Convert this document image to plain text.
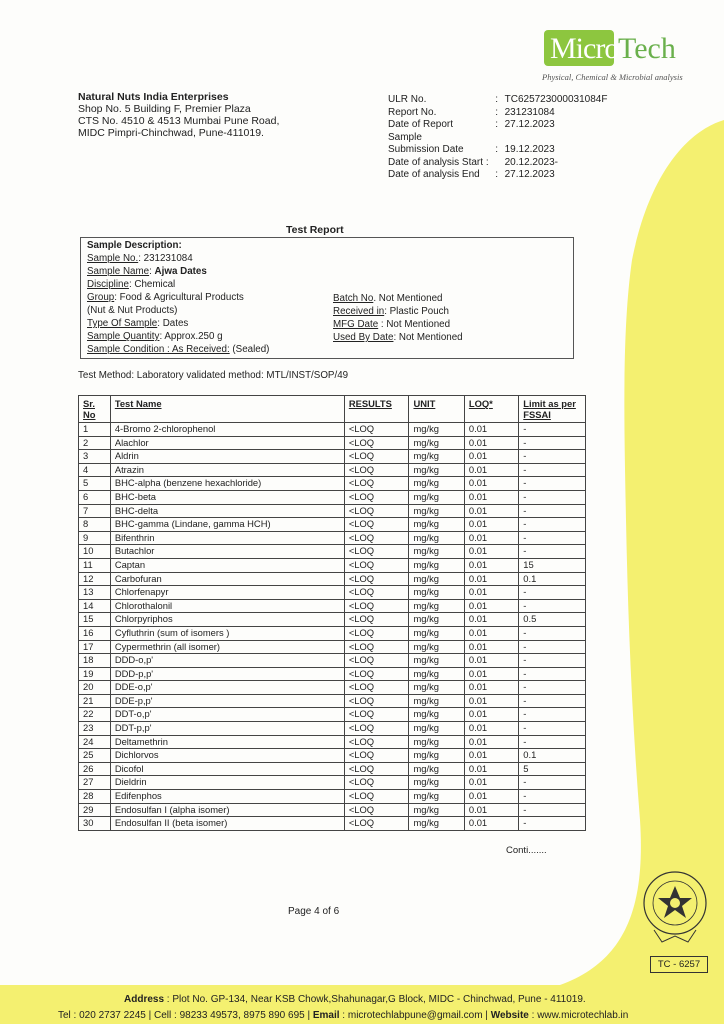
Micro Tech
Physical, Chemical & Microbial analysis
Natural Nuts India Enterprises
Shop No. 5 Building F, Premier Plaza
CTS No. 4510 & 4513 Mumbai Pune Road,
MIDC Pimpri-Chinchwad, Pune-411019.
ULR No.	:	TC625723000031084F
Report No.	:	231231084
Date of Report	:	27.12.2023
Sample		
Submission Date	:	19.12.2023
Date of analysis Start :		20.12.2023-
Date of analysis End	:	27.12.2023
Test Report
Sample Description:
Sample No.: 231231084
Sample Name: Ajwa Dates
Discipline: Chemical
Group: Food & Agricultural Products
(Nut & Nut Products)
Type Of Sample: Dates
Sample Quantity: Approx.250 g
Sample Condition : As Received: (Sealed)
Batch No. Not Mentioned
Received in: Plastic Pouch
MFG Date : Not Mentioned
Used By Date: Not Mentioned
Test Method: Laboratory validated method: MTL/INST/SOP/49
Sr. No	Test Name	RESULTS	UNIT	LOQ*	Limit as per FSSAI
1	4-Bromo 2-chlorophenol	<LOQ	mg/kg	0.01	-
2	Alachlor	<LOQ	mg/kg	0.01	-
3	Aldrin	<LOQ	mg/kg	0.01	-
4	Atrazin	<LOQ	mg/kg	0.01	-
5	BHC-alpha (benzene hexachloride)	<LOQ	mg/kg	0.01	-
6	BHC-beta	<LOQ	mg/kg	0.01	-
7	BHC-delta	<LOQ	mg/kg	0.01	-
8	BHC-gamma (Lindane, gamma HCH)	<LOQ	mg/kg	0.01	-
9	Bifenthrin	<LOQ	mg/kg	0.01	-
10	Butachlor	<LOQ	mg/kg	0.01	-
11	Captan	<LOQ	mg/kg	0.01	15
12	Carbofuran	<LOQ	mg/kg	0.01	0.1
13	Chlorfenapyr	<LOQ	mg/kg	0.01	-
14	Chlorothalonil	<LOQ	mg/kg	0.01	-
15	Chlorpyriphos	<LOQ	mg/kg	0.01	0.5
16	Cyfluthrin (sum of isomers )	<LOQ	mg/kg	0.01	-
17	Cypermethrin (all isomer)	<LOQ	mg/kg	0.01	-
18	DDD-o,p'	<LOQ	mg/kg	0.01	-
19	DDD-p,p'	<LOQ	mg/kg	0.01	-
20	DDE-o,p'	<LOQ	mg/kg	0.01	-
21	DDE-p,p'	<LOQ	mg/kg	0.01	-
22	DDT-o,p'	<LOQ	mg/kg	0.01	-
23	DDT-p,p'	<LOQ	mg/kg	0.01	-
24	Deltamethrin	<LOQ	mg/kg	0.01	-
25	Dichlorvos	<LOQ	mg/kg	0.01	0.1
26	Dicofol	<LOQ	mg/kg	0.01	5
27	Dieldrin	<LOQ	mg/kg	0.01	-
28	Edifenphos	<LOQ	mg/kg	0.01	-
29	Endosulfan I (alpha isomer)	<LOQ	mg/kg	0.01	-
30	Endosulfan II (beta isomer)	<LOQ	mg/kg	0.01	-
Conti.......
Page 4 of 6
TC - 6257
Address : Plot No. GP-134, Near KSB Chowk,Shahunagar,G Block, MIDC - Chinchwad, Pune - 411019.
Tel : 020 2737 2245 | Cell : 98233 49573, 8975 890 695 | Email : microtechlabpune@gmail.com | Website : www.microtechlab.in
